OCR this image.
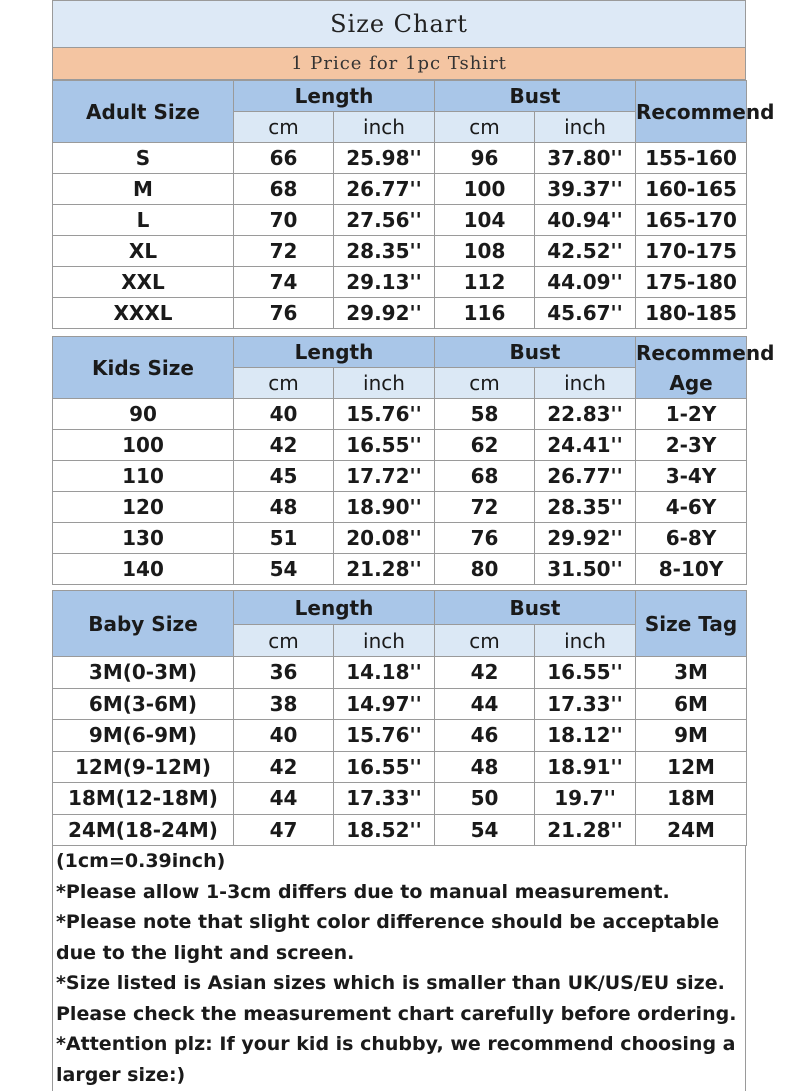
Size Chart
1 Price for 1pc Tshirt
Adult Size	Length		Bust		Recommend
	cm	inch	cm	inch	
S	66	25.98''	96	37.80''	155-160
M	68	26.77''	100	39.37''	160-165
L	70	27.56''	104	40.94''	165-170
XL	72	28.35''	108	42.52''	170-175
XXL	74	29.13''	112	44.09''	175-180
XXXL	76	29.92''	116	45.67''	180-185
Kids Size	Length		Bust		Recommend Age
	cm	inch	cm	inch	
90	40	15.76''	58	22.83''	1-2Y
100	42	16.55''	62	24.41''	2-3Y
110	45	17.72''	68	26.77''	3-4Y
120	48	18.90''	72	28.35''	4-6Y
130	51	20.08''	76	29.92''	6-8Y
140	54	21.28''	80	31.50''	8-10Y
Baby Size	Length		Bust		Size Tag
	cm	inch	cm	inch	
3M(0-3M)	36	14.18''	42	16.55''	3M
6M(3-6M)	38	14.97''	44	17.33''	6M
9M(6-9M)	40	15.76''	46	18.12''	9M
12M(9-12M)	42	16.55''	48	18.91''	12M
18M(12-18M)	44	17.33''	50	19.7''	18M
24M(18-24M)	47	18.52''	54	21.28''	24M
(1cm=0.39inch)
*Please allow 1-3cm differs due to manual measurement.
*Please note that slight color difference should be acceptable
due to the light and screen.
*Size listed is Asian sizes which is smaller than UK/US/EU size.
Please check the measurement chart carefully before ordering.
*Attention plz: If your kid is chubby, we recommend choosing a
larger size:)
